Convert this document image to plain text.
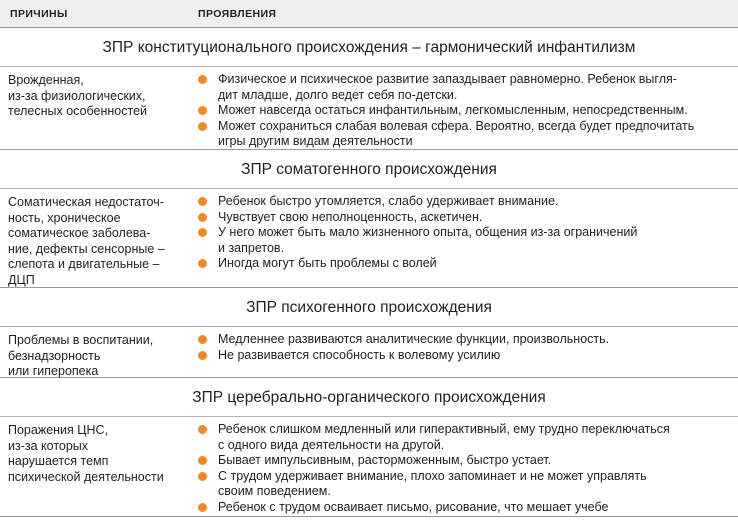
ПРИЧИНЫ	ПРОЯВЛЕНИЯ
ЗПР конституционального происхождения – гармонический инфантилизм
Врожденная,
из-за физиологических,
телесных особенностей
Физическое и психическое развитие запаздывает равномерно. Ребенок выгля-
дит младше, долго ведет себя по-детски.
Может навсегда остаться инфантильным, легкомысленным, непосредственным.
Может сохраниться слабая волевая сфера. Вероятно, всегда будет предпочитать
игры другим видам деятельности
ЗПР соматогенного происхождения
Соматическая недостаточ-
ность, хроническое
соматическое заболева-
ние, дефекты сенсорные –
слепота и двигательные –
ДЦП
Ребенок быстро утомляется, слабо удерживает внимание.
Чувствует свою неполноценность, аскетичен.
У него может быть мало жизненного опыта, общения из-за ограничений
и запретов.
Иногда могут быть проблемы с волей
ЗПР психогенного происхождения
Проблемы в воспитании,
безнадзорность
или гиперопека
Медленнее развиваются аналитические функции, произвольность.
Не развивается способность к волевому усилию
ЗПР церебрально-органического происхождения
Поражения ЦНС,
из-за которых
нарушается темп
психической деятельности
Ребенок слишком медленный или гиперактивный, ему трудно переключаться
с одного вида деятельности на другой.
Бывает импульсивным, расторможенным, быстро устает.
С трудом удерживает внимание, плохо запоминает и не может управлять
своим поведением.
Ребенок с трудом осваивает письмо, рисование, что мешает учебе
